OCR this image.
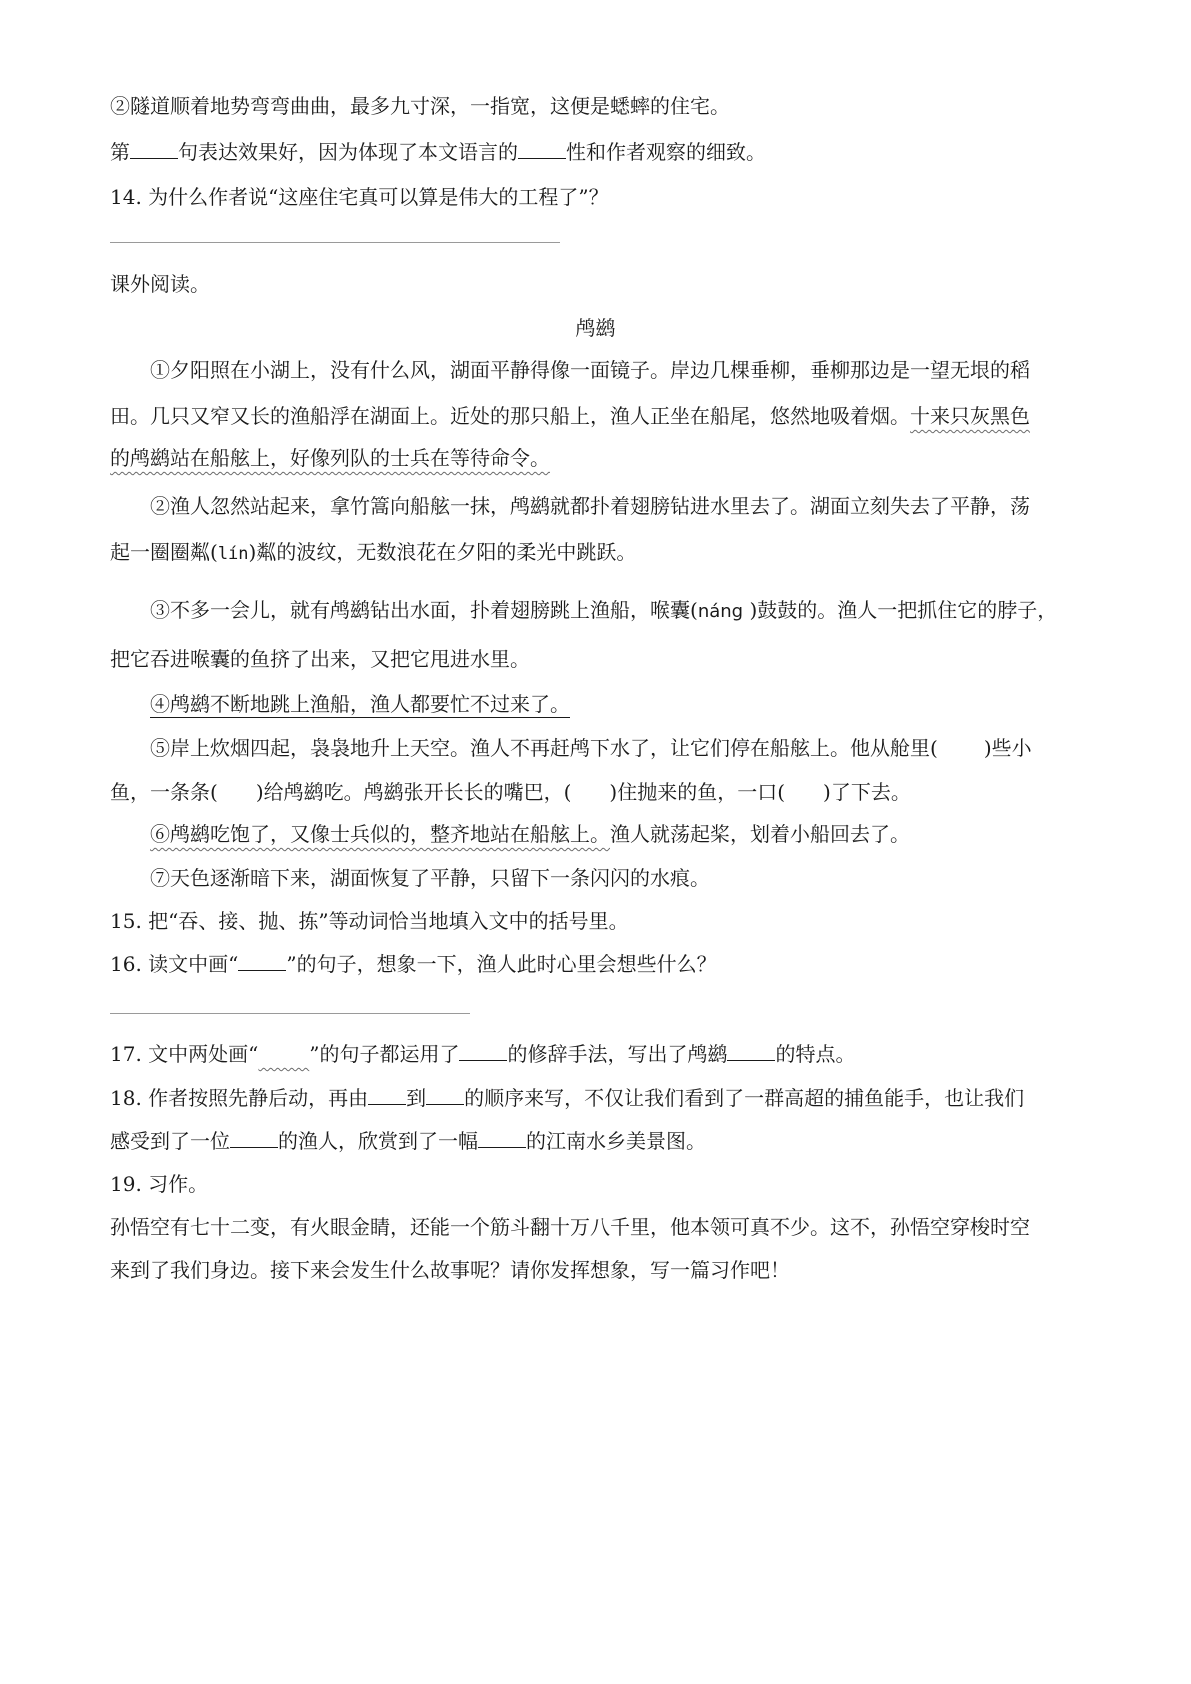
②隧道顺着地势弯弯曲曲，最多九寸深，一指宽，这便是蟋蟀的住宅。
第 句表达效果好，因为体现了本文语言的 性和作者观察的细致。
14. 为什么作者说“这座住宅真可以算是伟大的工程了”？
课外阅读。
鸬鹚
①夕阳照在小湖上，没有什么风，湖面平静得像一面镜子。岸边几棵垂柳，垂柳那边是一望无垠的稻
田。几只又窄又长的渔船浮在湖面上。近处的那只船上，渔人正坐在船尾，悠然地吸着烟。十来只灰黑色
的鸬鹚站在船舷上，好像列队的士兵在等待命令。
②渔人忽然站起来，拿竹篙向船舷一抹，鸬鹚就都扑着翅膀钻进水里去了。湖面立刻失去了平静，荡
起一圈圈粼(lín)粼的波纹，无数浪花在夕阳的柔光中跳跃。
③不多一会儿，就有鸬鹚钻出水面，扑着翅膀跳上渔船，喉囊(náng )鼓鼓的。渔人一把抓住它的脖子，
把它吞进喉囊的鱼挤了出来，又把它甩进水里。
④鸬鹚不断地跳上渔船，渔人都要忙不过来了。
⑤岸上炊烟四起，袅袅地升上天空。渔人不再赶鸬下水了，让它们停在船舷上。他从舱里( )些小
鱼，一条条( )给鸬鹚吃。鸬鹚张开长长的嘴巴，( )住抛来的鱼，一口( )了下去。
⑥鸬鹚吃饱了，又像士兵似的，整齐地站在船舷上。渔人就荡起桨，划着小船回去了。
⑦天色逐渐暗下来，湖面恢复了平静，只留下一条闪闪的水痕。
15. 把“吞、接、抛、拣”等动词恰当地填入文中的括号里。
16. 读文中画“ ”的句子，想象一下，渔人此时心里会想些什么？
17. 文中两处画“	”的句子都运用了 的修辞手法，写出了鸬鹚 的特点。
18. 作者按照先静后动，再由 到 的顺序来写，不仅让我们看到了一群高超的捕鱼能手，也让我们
感受到了一位 的渔人，欣赏到了一幅 的江南水乡美景图。
19. 习作。
孙悟空有七十二变，有火眼金睛，还能一个筋斗翻十万八千里，他本领可真不少。这不，孙悟空穿梭时空
来到了我们身边。接下来会发生什么故事呢？请你发挥想象，写一篇习作吧！
